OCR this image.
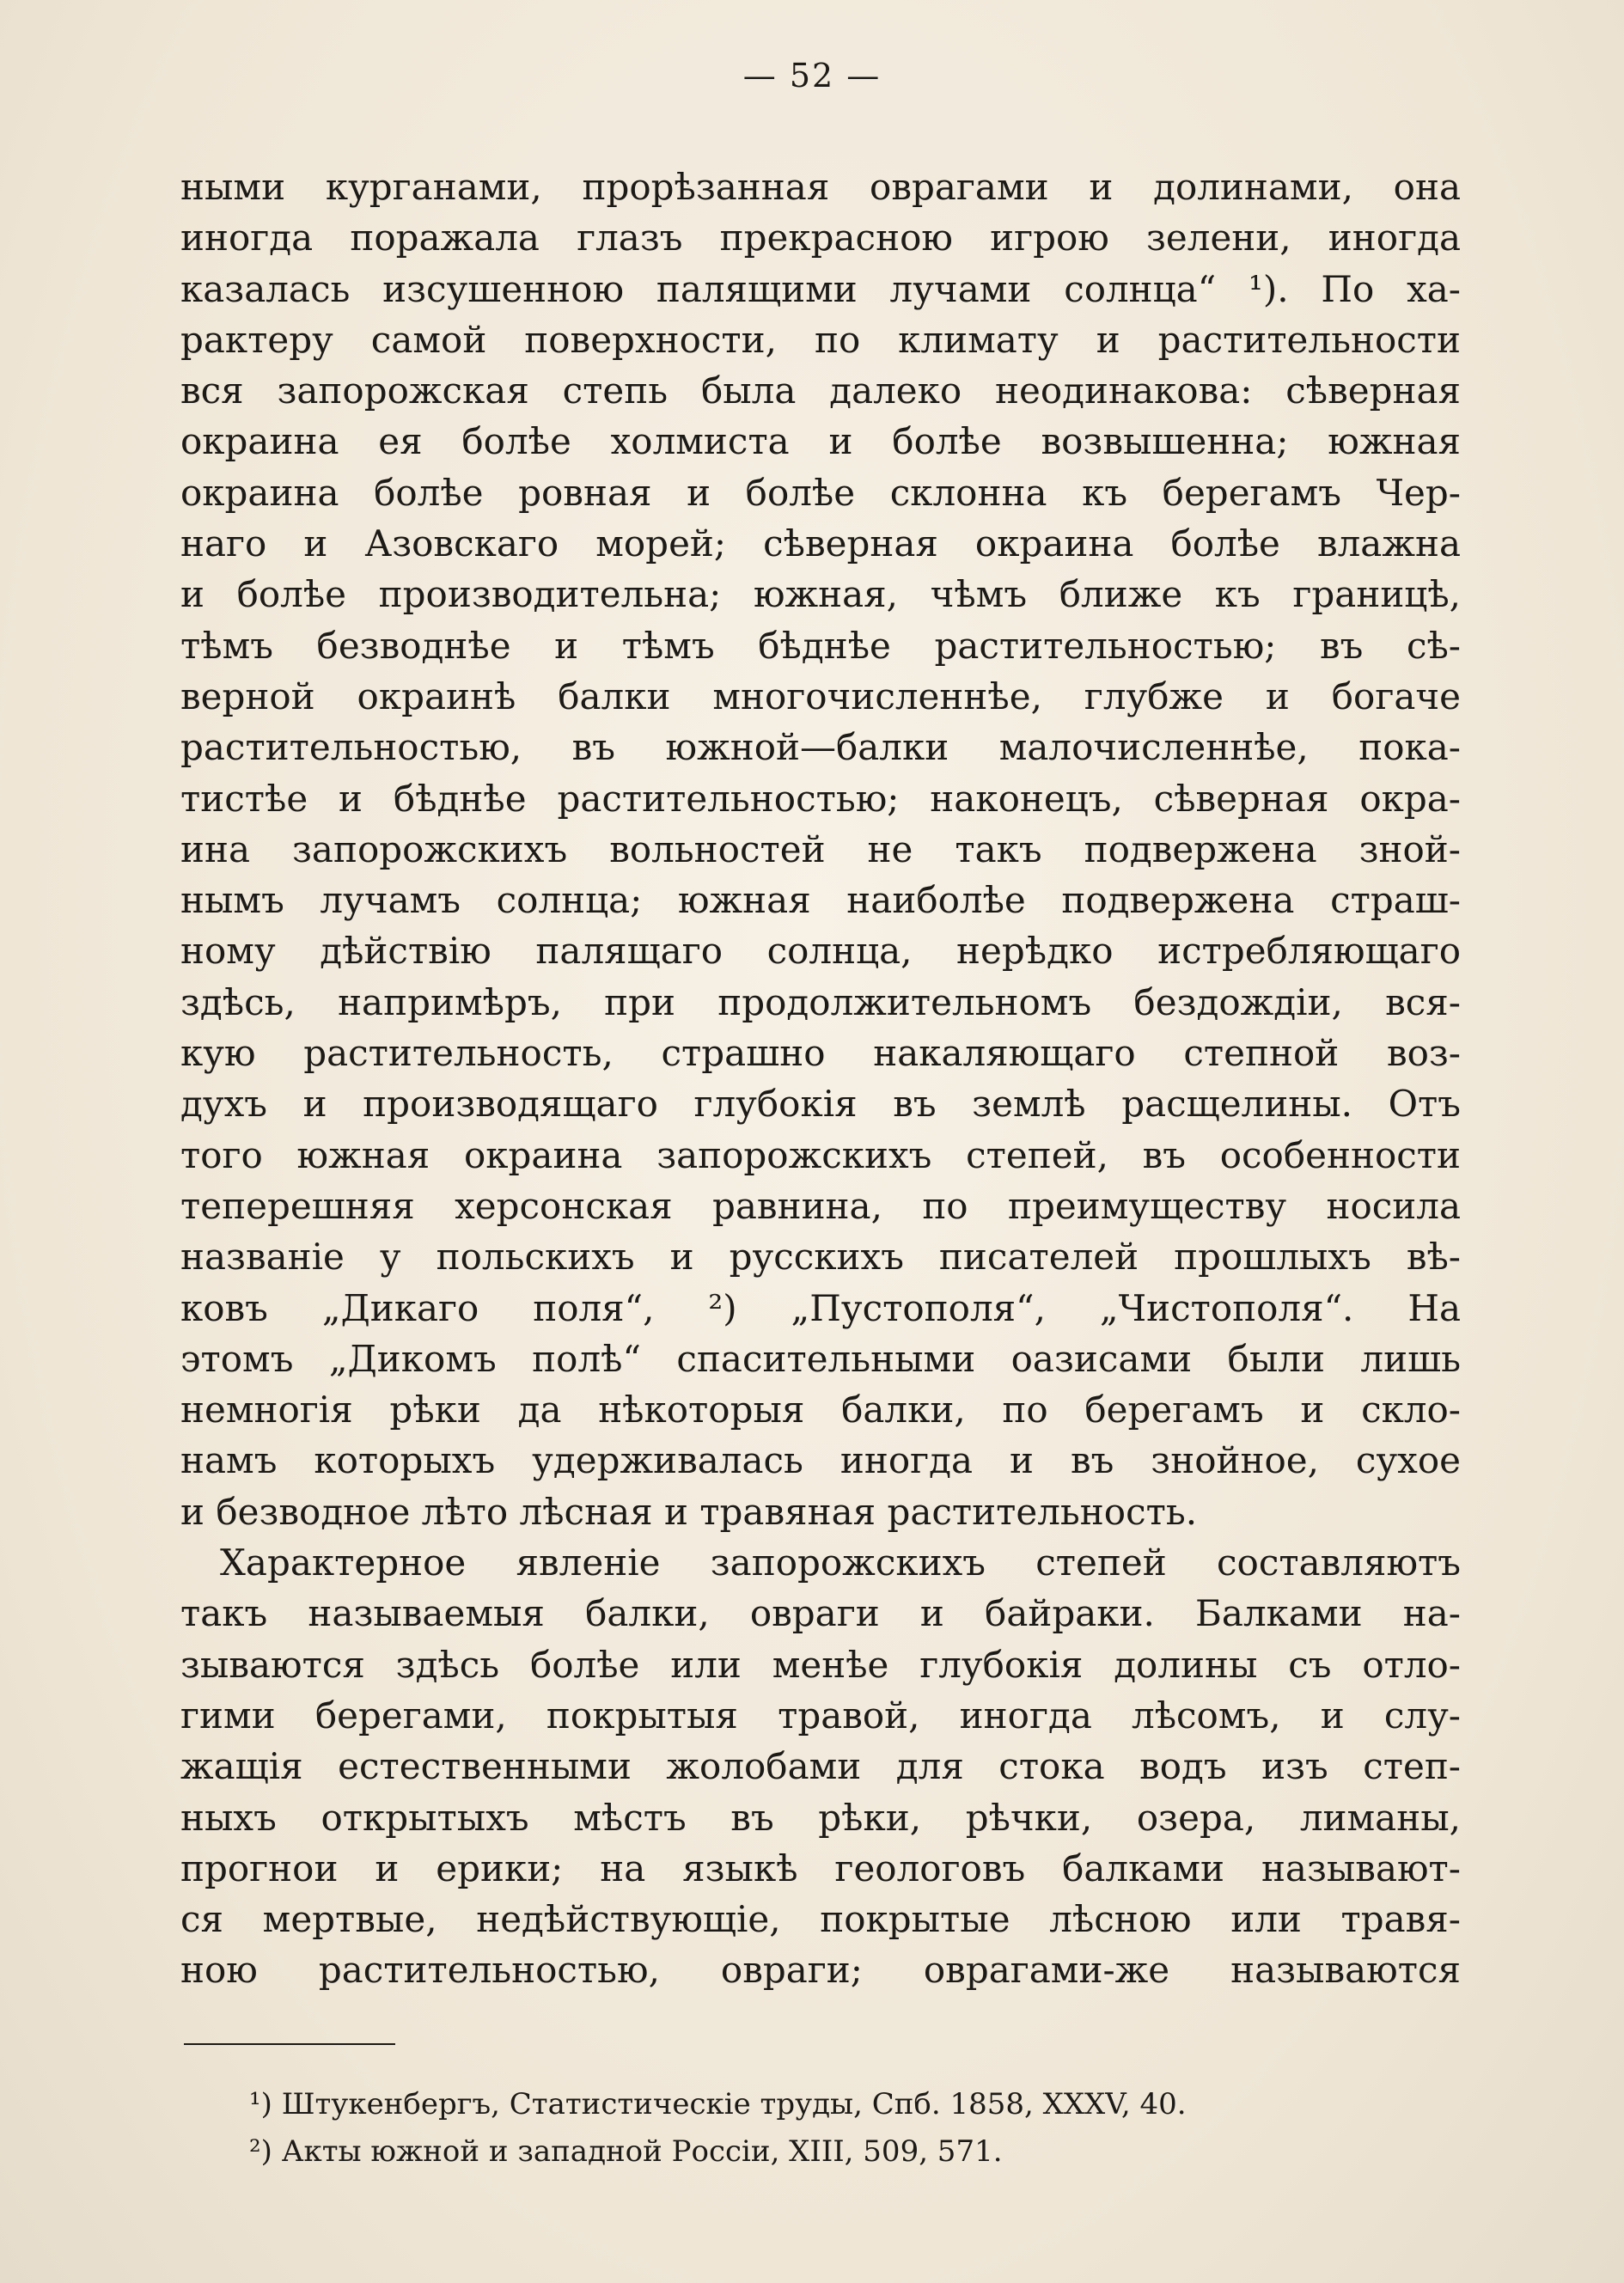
— 52 —
ными курганами, прорѣзанная оврагами и долинами, она
иногда поражала глазъ прекрасною игрою зелени, иногда
казалась изсушенною палящими лучами солнца“ ¹). По ха-
рактеру самой поверхности, по климату и растительности
вся запорожская степь была далеко неодинакова: сѣверная
окраина ея болѣе холмиста и болѣе возвышенна; южная
окраина болѣе ровная и болѣе склонна къ берегамъ Чер-
наго и Азовскаго морей; сѣверная окраина болѣе влажна
и болѣе производительна; южная, чѣмъ ближе къ границѣ,
тѣмъ безводнѣе и тѣмъ бѣднѣе растительностью; въ сѣ-
верной окраинѣ балки многочисленнѣе, глубже и богаче
растительностью, въ южной—балки малочисленнѣе, пока-
тистѣе и бѣднѣе растительностью; наконецъ, сѣверная окра-
ина запорожскихъ вольностей не такъ подвержена зной-
нымъ лучамъ солнца; южная наиболѣе подвержена страш-
ному дѣйствію палящаго солнца, нерѣдко истребляющаго
здѣсь, напримѣръ, при продолжительномъ бездождіи, вся-
кую растительность, страшно накаляющаго степной воз-
духъ и производящаго глубокія въ землѣ расщелины. Отъ
того южная окраина запорожскихъ степей, въ особенности
теперешняя херсонская равнина, по преимуществу носила
названіе у польскихъ и русскихъ писателей прошлыхъ вѣ-
ковъ „Дикаго поля“, ²) „Пустополя“, „Чистополя“. На
этомъ „Дикомъ полѣ“ спасительными оазисами были лишь
немногія рѣки да нѣкоторыя балки, по берегамъ и скло-
намъ которыхъ удерживалась иногда и въ знойное, сухое
и безводное лѣто лѣсная и травяная растительность.
Характерное явленіе запорожскихъ степей составляютъ
такъ называемыя балки, овраги и байраки. Балками на-
зываются здѣсь болѣе или менѣе глубокія долины съ отло-
гими берегами, покрытыя травой, иногда лѣсомъ, и слу-
жащія естественными жолобами для стока водъ изъ степ-
ныхъ открытыхъ мѣстъ въ рѣки, рѣчки, озера, лиманы,
прогнои и ерики; на языкѣ геологовъ балками называют-
ся мертвые, недѣйствующіе, покрытые лѣсною или травя-
ною растительностью, овраги; оврагами-же называются
¹) Штукенбергъ, Статистическіе труды, Спб. 1858, XXXV, 40.
²) Акты южной и западной Россіи, XIII, 509, 571.
